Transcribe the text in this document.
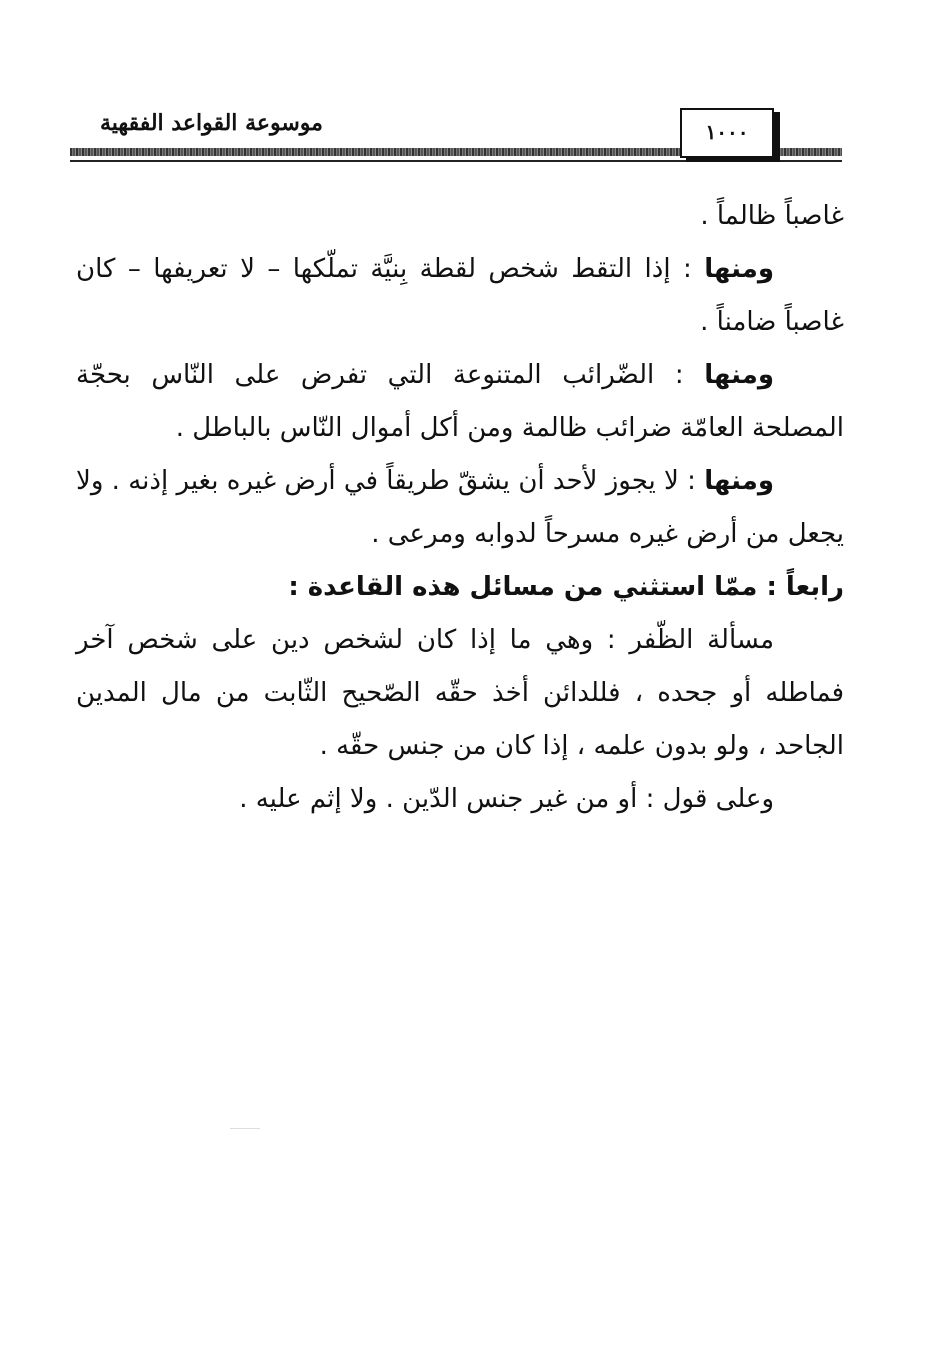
موسوعة القواعد الفقهية	١٠٠٠

غاصباً ظالماً .

ومنها : إذا التقط شخص لقطة بِنيَّة تملّكها – لا تعريفها – كان غاصباً ضامناً .

ومنها : الضّرائب المتنوعة التي تفرض على النّاس بحجّة المصلحة العامّة ضرائب ظالمة ومن أكل أموال النّاس بالباطل .

ومنها : لا يجوز لأحد أن يشقّ طريقاً في أرض غيره بغير إذنه . ولا يجعل من أرض غيره مسرحاً لدوابه ومرعى .

رابعاً : ممّا استثني من مسائل هذه القاعدة :

مسألة الظّفر : وهي ما إذا كان لشخص دين على شخص آخر فماطله أو جحده ، فللدائن أخذ حقّه الصّحيح الثّابت من مال المدين الجاحد ، ولو بدون علمه ، إذا كان من جنس حقّه .

وعلى قول : أو من غير جنس الدّين . ولا إثم عليه .
